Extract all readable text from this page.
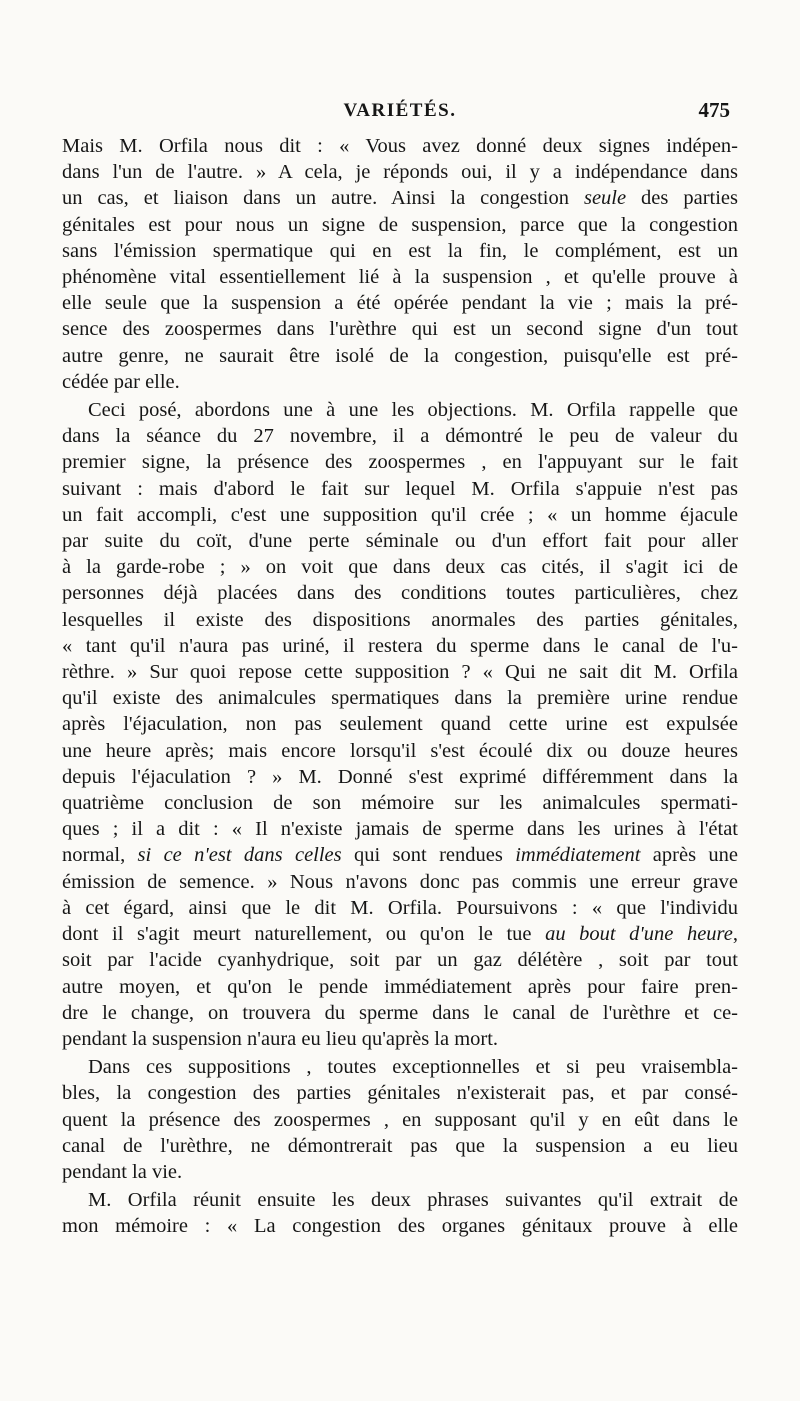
VARIÉTÉS.	475

Mais M. Orfila nous dit : « Vous avez donné deux signes indépen-

dans l'un de l'autre. » A cela, je réponds oui, il y a indépendance dans

un cas, et liaison dans un autre. Ainsi la congestion seule des parties

génitales est pour nous un signe de suspension, parce que la congestion

sans l'émission spermatique qui en est la fin, le complément, est un

phénomène vital essentiellement lié à la suspension , et qu'elle prouve à

elle seule que la suspension a été opérée pendant la vie ; mais la pré-

sence des zoospermes dans l'urèthre qui est un second signe d'un tout

autre genre, ne saurait être isolé de la congestion, puisqu'elle est pré-

cédée par elle.

Ceci posé, abordons une à une les objections. M. Orfila rappelle que

dans la séance du 27 novembre, il a démontré le peu de valeur du

premier signe, la présence des zoospermes , en l'appuyant sur le fait

suivant : mais d'abord le fait sur lequel M. Orfila s'appuie n'est pas

un fait accompli, c'est une supposition qu'il crée ; « un homme éjacule

par suite du coït, d'une perte séminale ou d'un effort fait pour aller

à la garde-robe ; » on voit que dans deux cas cités, il s'agit ici de

personnes déjà placées dans des conditions toutes particulières, chez

lesquelles il existe des dispositions anormales des parties génitales,

« tant qu'il n'aura pas uriné, il restera du sperme dans le canal de l'u-

rèthre. » Sur quoi repose cette supposition ? « Qui ne sait dit M. Orfila

qu'il existe des animalcules spermatiques dans la première urine rendue

après l'éjaculation, non pas seulement quand cette urine est expulsée

une heure après; mais encore lorsqu'il s'est écoulé dix ou douze heures

depuis l'éjaculation ? » M. Donné s'est exprimé différemment dans la

quatrième conclusion de son mémoire sur les animalcules spermati-

ques ; il a dit : « Il n'existe jamais de sperme dans les urines à l'état

normal, si ce n'est dans celles qui sont rendues immédiatement après une

émission de semence. » Nous n'avons donc pas commis une erreur grave

à cet égard, ainsi que le dit M. Orfila. Poursuivons : « que l'individu

dont il s'agit meurt naturellement, ou qu'on le tue au bout d'une heure,

soit par l'acide cyanhydrique, soit par un gaz délétère , soit par tout

autre moyen, et qu'on le pende immédiatement après pour faire pren-

dre le change, on trouvera du sperme dans le canal de l'urèthre et ce-

pendant la suspension n'aura eu lieu qu'après la mort.

Dans ces suppositions , toutes exceptionnelles et si peu vraisembla-

bles, la congestion des parties génitales n'existerait pas, et par consé-

quent la présence des zoospermes , en supposant qu'il y en eût dans le

canal de l'urèthre, ne démontrerait pas que la suspension a eu lieu

pendant la vie.

M. Orfila réunit ensuite les deux phrases suivantes qu'il extrait de

mon mémoire : « La congestion des organes génitaux prouve à elle
